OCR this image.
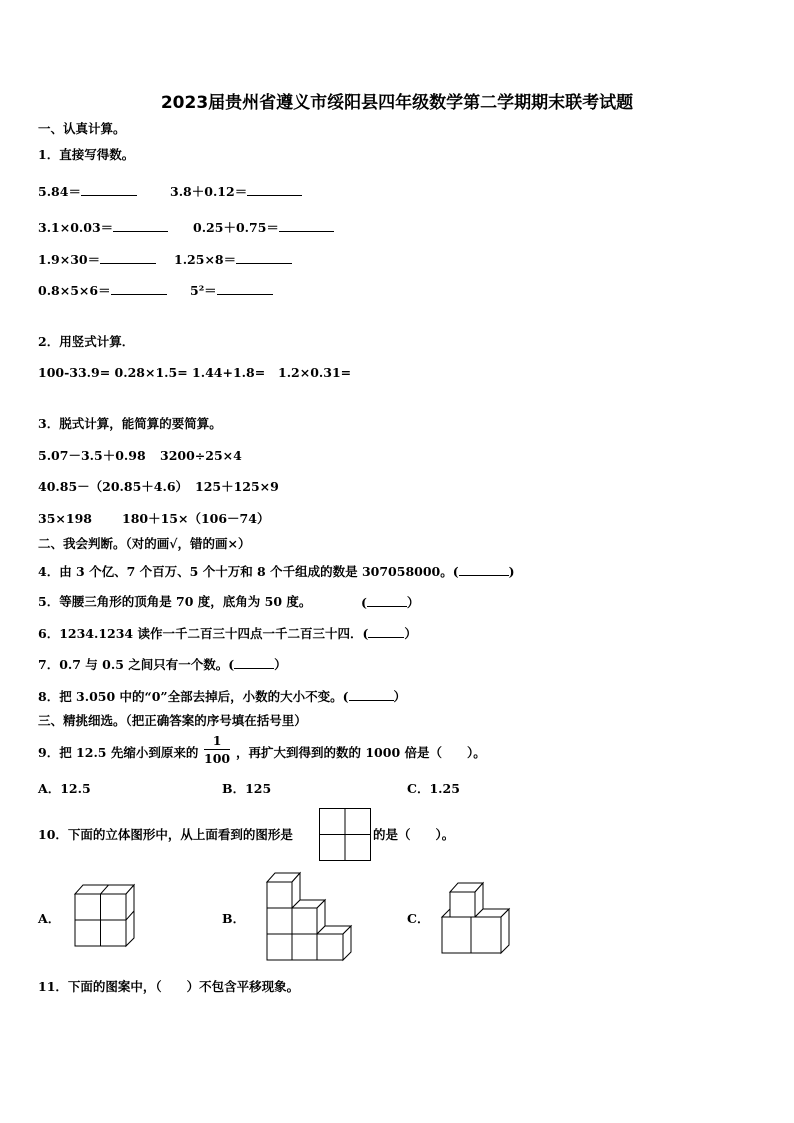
2023届贵州省遵义市绥阳县四年级数学第二学期期末联考试题
一、认真计算。
1．直接写得数。
5.84＝	3.8＋0.12＝
3.1×0.03＝	0.25＋0.75＝
1.9×30＝	1.25×8＝
0.8×5×6＝	5²＝
2．用竖式计算．
100-33.9= 0.28×1.5= 1.44+1.8= 1.2×0.31=
3．脱式计算，能简算的要简算。
5.07－3.5＋0.98 3200÷25×4
40.85－（20.85＋4.6） 125＋125×9
35×198 180＋15×（106－74）
二、我会判断。（对的画√，错的画×）
4．由 3 个亿、7 个百万、5 个十万和 8 个千组成的数是 307058000。(	)
5．等腰三角形的顶角是 70 度，底角为 50 度。	(	）
6．1234.1234 读作一千二百三十四点一千二百三十四．(	）
7．0.7 与 0.5 之间只有一个数。(	）
8．把 3.050 中的“0”全部去掉后，小数的大小不变。(	）
三、精挑细选。（把正确答案的序号填在括号里）
9．把 12.5 先缩小到原来的
1
100 ，再扩大到得到的数的 1000 倍是（　　）。
A．12.5	B．125	C．1.25
10．下面的立体图形中，从上面看到的图形是	的是（　　）。
A．	B．	C．
11．下面的图案中，（　　）不包含平移现象。
